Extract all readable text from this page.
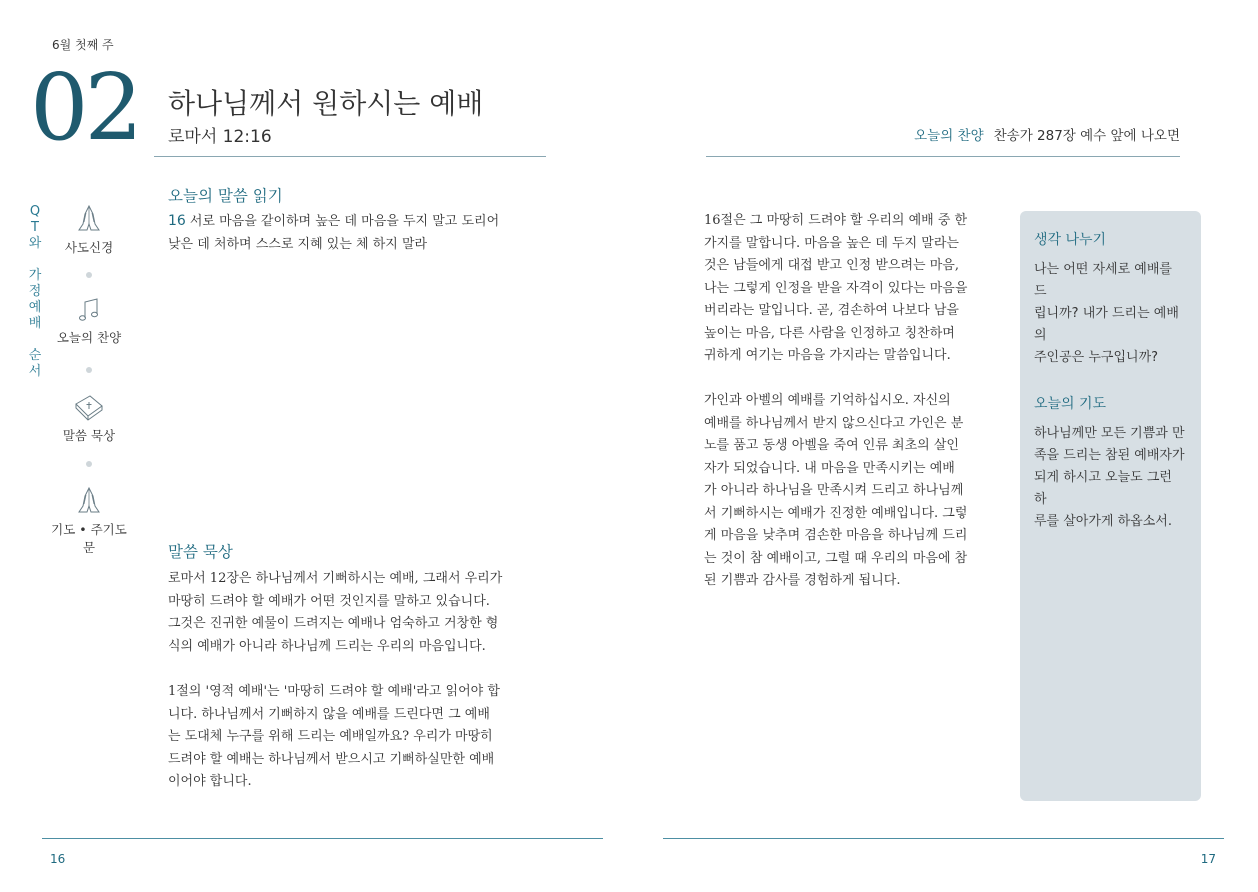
6월 첫째 주
02 하나님께서 원하시는 예배
로마서 12:16	오늘의 찬양 찬송가 287장 예수 앞에 나오면
Q
T
와
가
정
예
배
순
서
사도신경
오늘의 찬양
말씀 묵상
기도 • 주기도문
오늘의 말씀 읽기
16 서로 마음을 같이하며 높은 데 마음을 두지 말고 도리어
낮은 데 처하며 스스로 지혜 있는 체 하지 말라
말씀 묵상
로마서 12장은 하나님께서 기뻐하시는 예배, 그래서 우리가
마땅히 드려야 할 예배가 어떤 것인지를 말하고 있습니다.
그것은 진귀한 예물이 드려지는 예배나 엄숙하고 거창한 형
식의 예배가 아니라 하나님께 드리는 우리의 마음입니다.
1절의 '영적 예배'는 '마땅히 드려야 할 예배'라고 읽어야 합
니다. 하나님께서 기뻐하지 않을 예배를 드린다면 그 예배
는 도대체 누구를 위해 드리는 예배일까요? 우리가 마땅히
드려야 할 예배는 하나님께서 받으시고 기뻐하실만한 예배
이어야 합니다.
16절은 그 마땅히 드려야 할 우리의 예배 중 한
가지를 말합니다. 마음을 높은 데 두지 말라는
것은 남들에게 대접 받고 인정 받으려는 마음,
나는 그렇게 인정을 받을 자격이 있다는 마음을
버리라는 말입니다. 곧, 겸손하여 나보다 남을
높이는 마음, 다른 사람을 인정하고 칭찬하며
귀하게 여기는 마음을 가지라는 말씀입니다.
가인과 아벨의 예배를 기억하십시오. 자신의
예배를 하나님께서 받지 않으신다고 가인은 분
노를 품고 동생 아벨을 죽여 인류 최초의 살인
자가 되었습니다. 내 마음을 만족시키는 예배
가 아니라 하나님을 만족시켜 드리고 하나님께
서 기뻐하시는 예배가 진정한 예배입니다. 그렇
게 마음을 낮추며 겸손한 마음을 하나님께 드리
는 것이 참 예배이고, 그럴 때 우리의 마음에 참
된 기쁨과 감사를 경험하게 됩니다.
생각 나누기
나는 어떤 자세로 예배를 드
립니까? 내가 드리는 예배의
주인공은 누구입니까?
오늘의 기도
하나님께만 모든 기쁨과 만
족을 드리는 참된 예배자가
되게 하시고 오늘도 그런 하
루를 살아가게 하옵소서.
16	17
